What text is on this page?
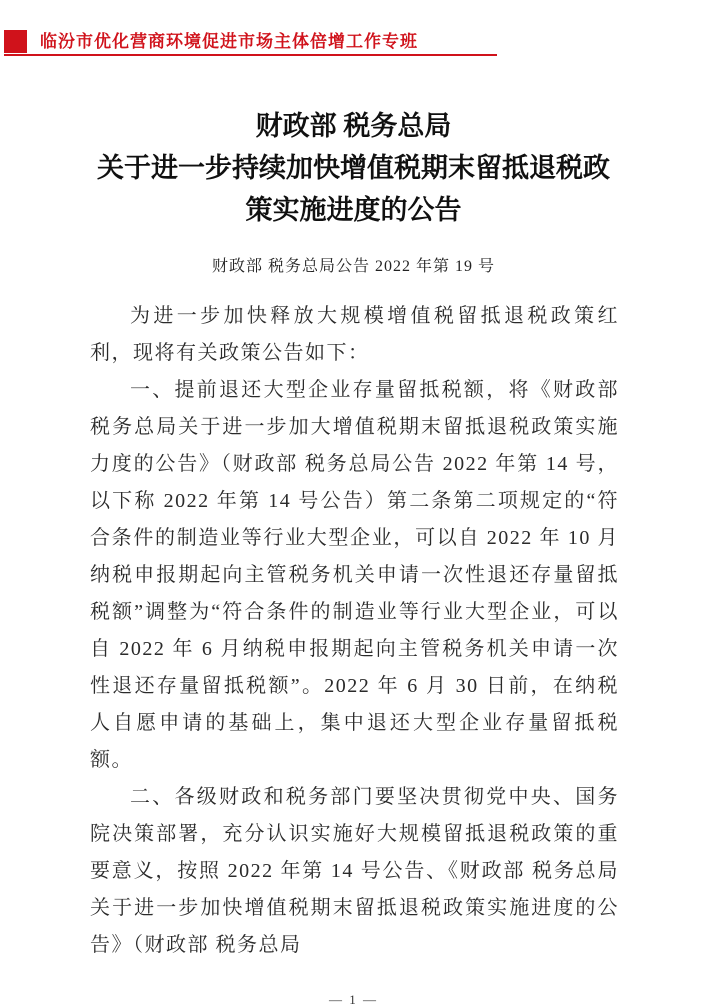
临汾市优化营商环境促进市场主体倍增工作专班
财政部 税务总局
关于进一步持续加快增值税期末留抵退税政
策实施进度的公告
财政部 税务总局公告 2022 年第 19 号

为进一步加快释放大规模增值税留抵退税政策红利，现将有关政策公告如下：

一、提前退还大型企业存量留抵税额，将《财政部 税务总局关于进一步加大增值税期末留抵退税政策实施力度的公告》（财政部 税务总局公告 2022 年第 14 号，以下称 2022 年第 14 号公告）第二条第二项规定的“符合条件的制造业等行业大型企业，可以自 2022 年 10 月纳税申报期起向主管税务机关申请一次性退还存量留抵税额”调整为“符合条件的制造业等行业大型企业，可以自 2022 年 6 月纳税申报期起向主管税务机关申请一次性退还存量留抵税额”。2022 年 6 月 30 日前，在纳税人自愿申请的基础上，集中退还大型企业存量留抵税额。

二、各级财政和税务部门要坚决贯彻党中央、国务院决策部署，充分认识实施好大规模留抵退税政策的重要意义，按照 2022 年第 14 号公告、《财政部 税务总局关于进一步加快增值税期末留抵退税政策实施进度的公告》（财政部 税务总局

— 1 —
